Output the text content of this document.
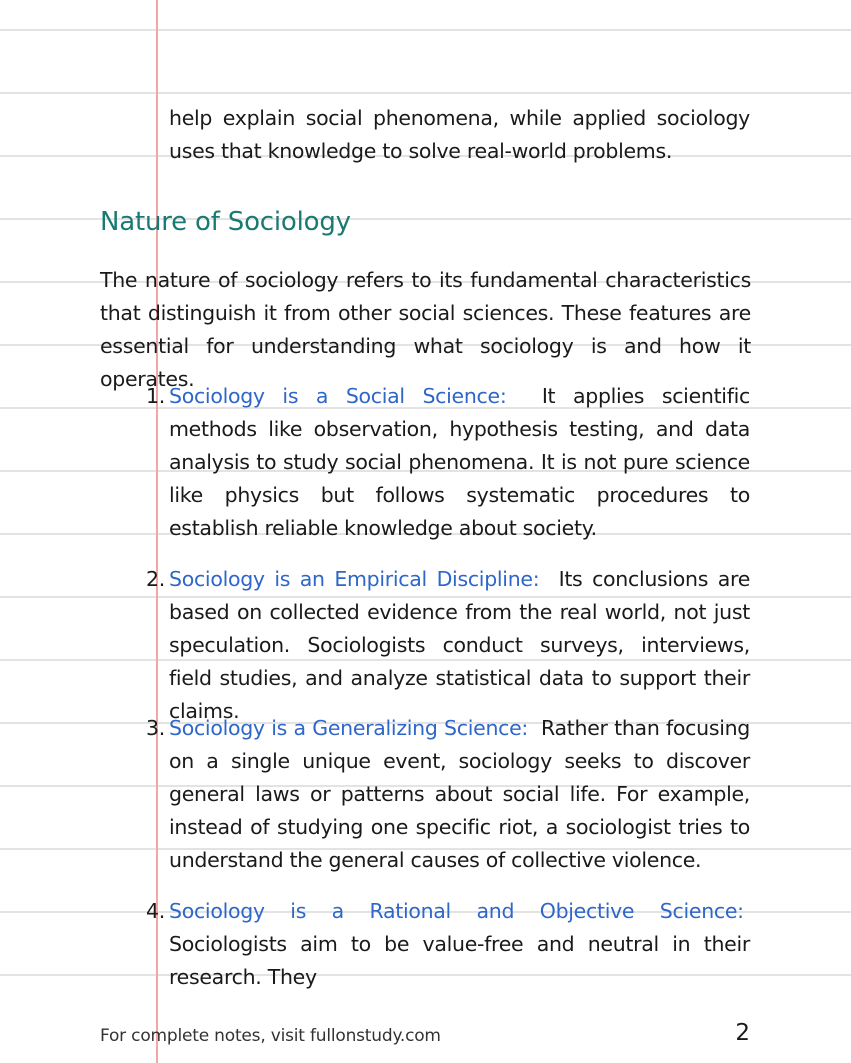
help explain social phenomena, while applied sociology uses that knowledge to solve real-world problems.
Nature of Sociology
The nature of sociology refers to its fundamental characteristics that distinguish it from other social sciences. These features are essential for understanding what sociology is and how it operates.
1. Sociology is a Social Science: It applies scientific methods like observation, hypothesis testing, and data analysis to study social phenomena. It is not pure science like physics but follows systematic procedures to establish reliable knowledge about society.
2. Sociology is an Empirical Discipline: Its conclusions are based on collected evidence from the real world, not just speculation. Sociologists conduct surveys, interviews, field studies, and analyze statistical data to support their claims.
3. Sociology is a Generalizing Science: Rather than focusing on a single unique event, sociology seeks to discover general laws or patterns about social life. For example, instead of studying one specific riot, a sociologist tries to understand the general causes of collective violence.
4. Sociology is a Rational and Objective Science:  Sociologists aim to be value-free and neutral in their research. They
For complete notes, visit fullonstudy.com	2
